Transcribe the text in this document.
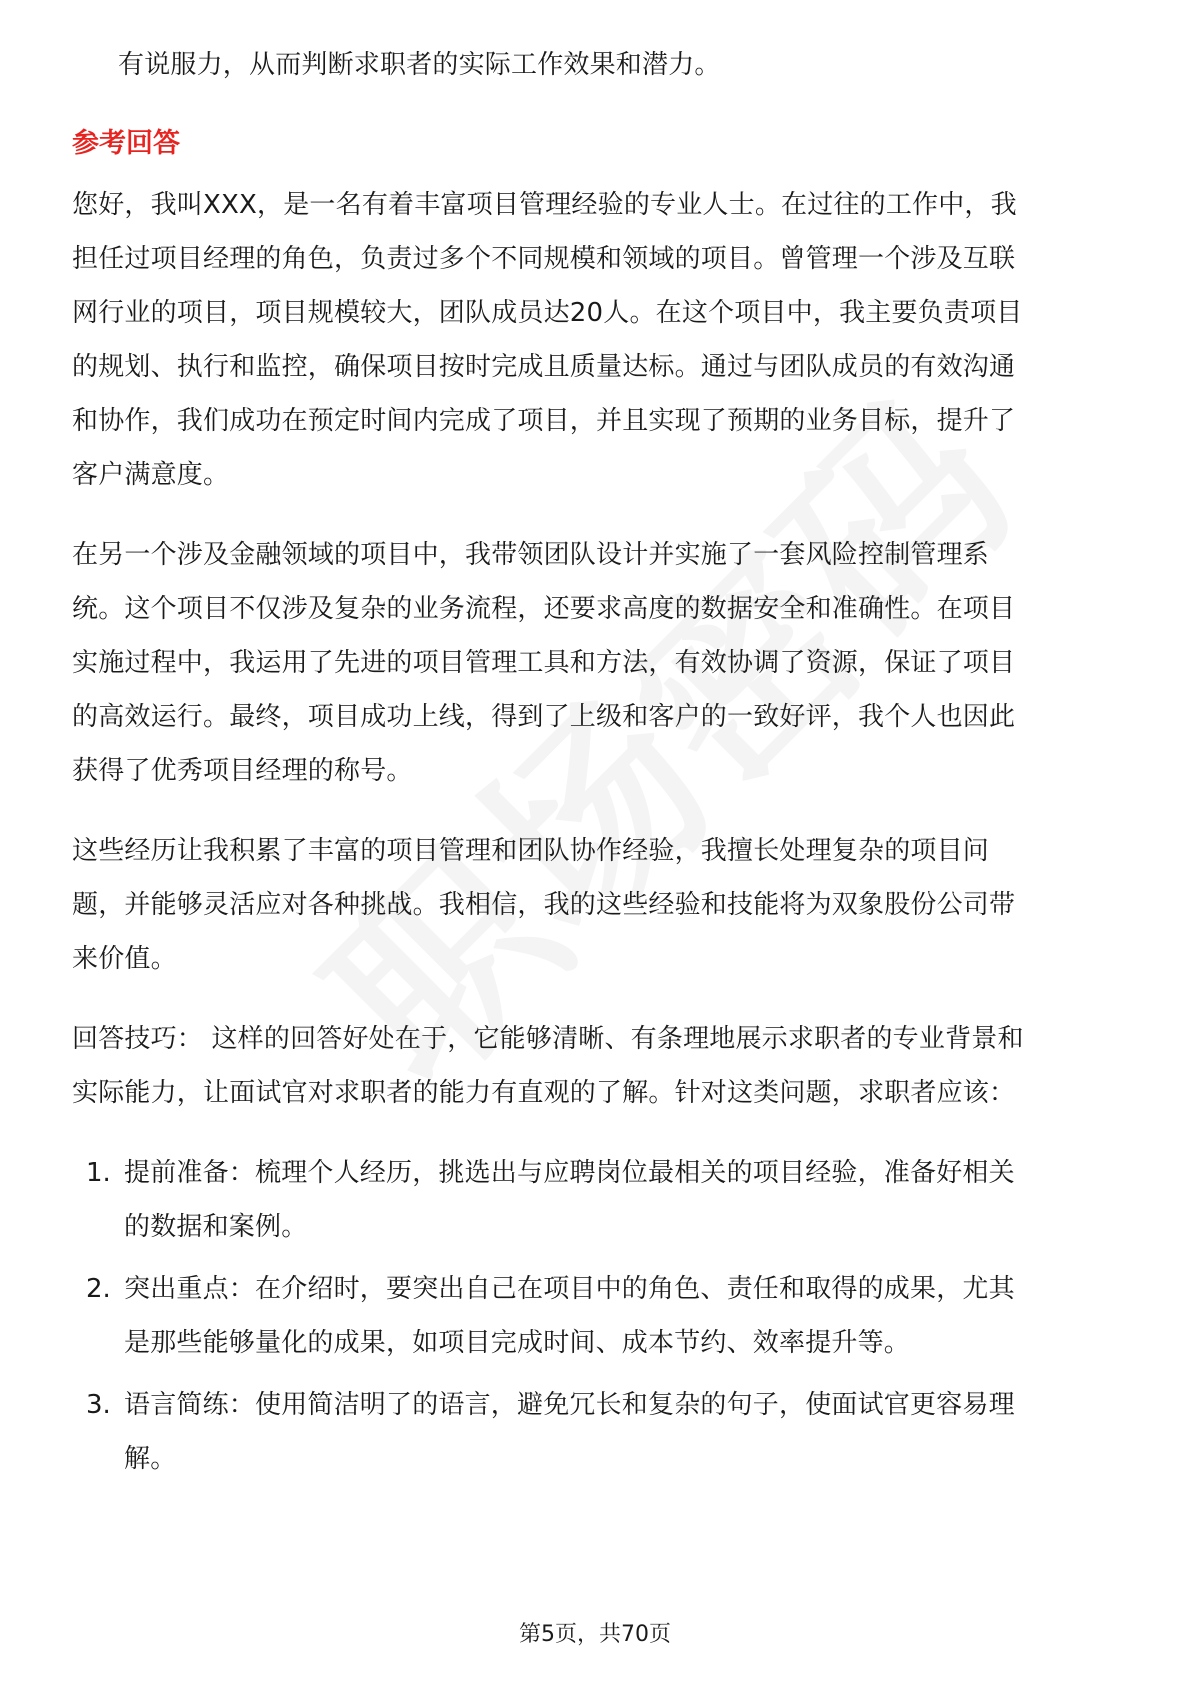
有说服力，从而判断求职者的实际工作效果和潜力。
参考回答
您好，我叫XXX，是一名有着丰富项目管理经验的专业人士。在过往的工作中，我
担任过项目经理的角色，负责过多个不同规模和领域的项目。曾管理一个涉及互联
网行业的项目，项目规模较大，团队成员达20人。在这个项目中，我主要负责项目
的规划、执行和监控，确保项目按时完成且质量达标。通过与团队成员的有效沟通
和协作，我们成功在预定时间内完成了项目，并且实现了预期的业务目标，提升了
客户满意度。
在另一个涉及金融领域的项目中，我带领团队设计并实施了一套风险控制管理系
统。这个项目不仅涉及复杂的业务流程，还要求高度的数据安全和准确性。在项目
实施过程中，我运用了先进的项目管理工具和方法，有效协调了资源，保证了项目
的高效运行。最终，项目成功上线，得到了上级和客户的一致好评，我个人也因此
获得了优秀项目经理的称号。
这些经历让我积累了丰富的项目管理和团队协作经验，我擅长处理复杂的项目问
题，并能够灵活应对各种挑战。我相信，我的这些经验和技能将为双象股份公司带
来价值。
回答技巧： 这样的回答好处在于，它能够清晰、有条理地展示求职者的专业背景和
实际能力，让面试官对求职者的能力有直观的了解。针对这类问题，求职者应该：
1. 提前准备：梳理个人经历，挑选出与应聘岗位最相关的项目经验，准备好相关
的数据和案例。
2. 突出重点：在介绍时，要突出自己在项目中的角色、责任和取得的成果，尤其
是那些能够量化的成果，如项目完成时间、成本节约、效率提升等。
3. 语言简练：使用简洁明了的语言，避免冗长和复杂的句子，使面试官更容易理
解。
第5页，共70页
